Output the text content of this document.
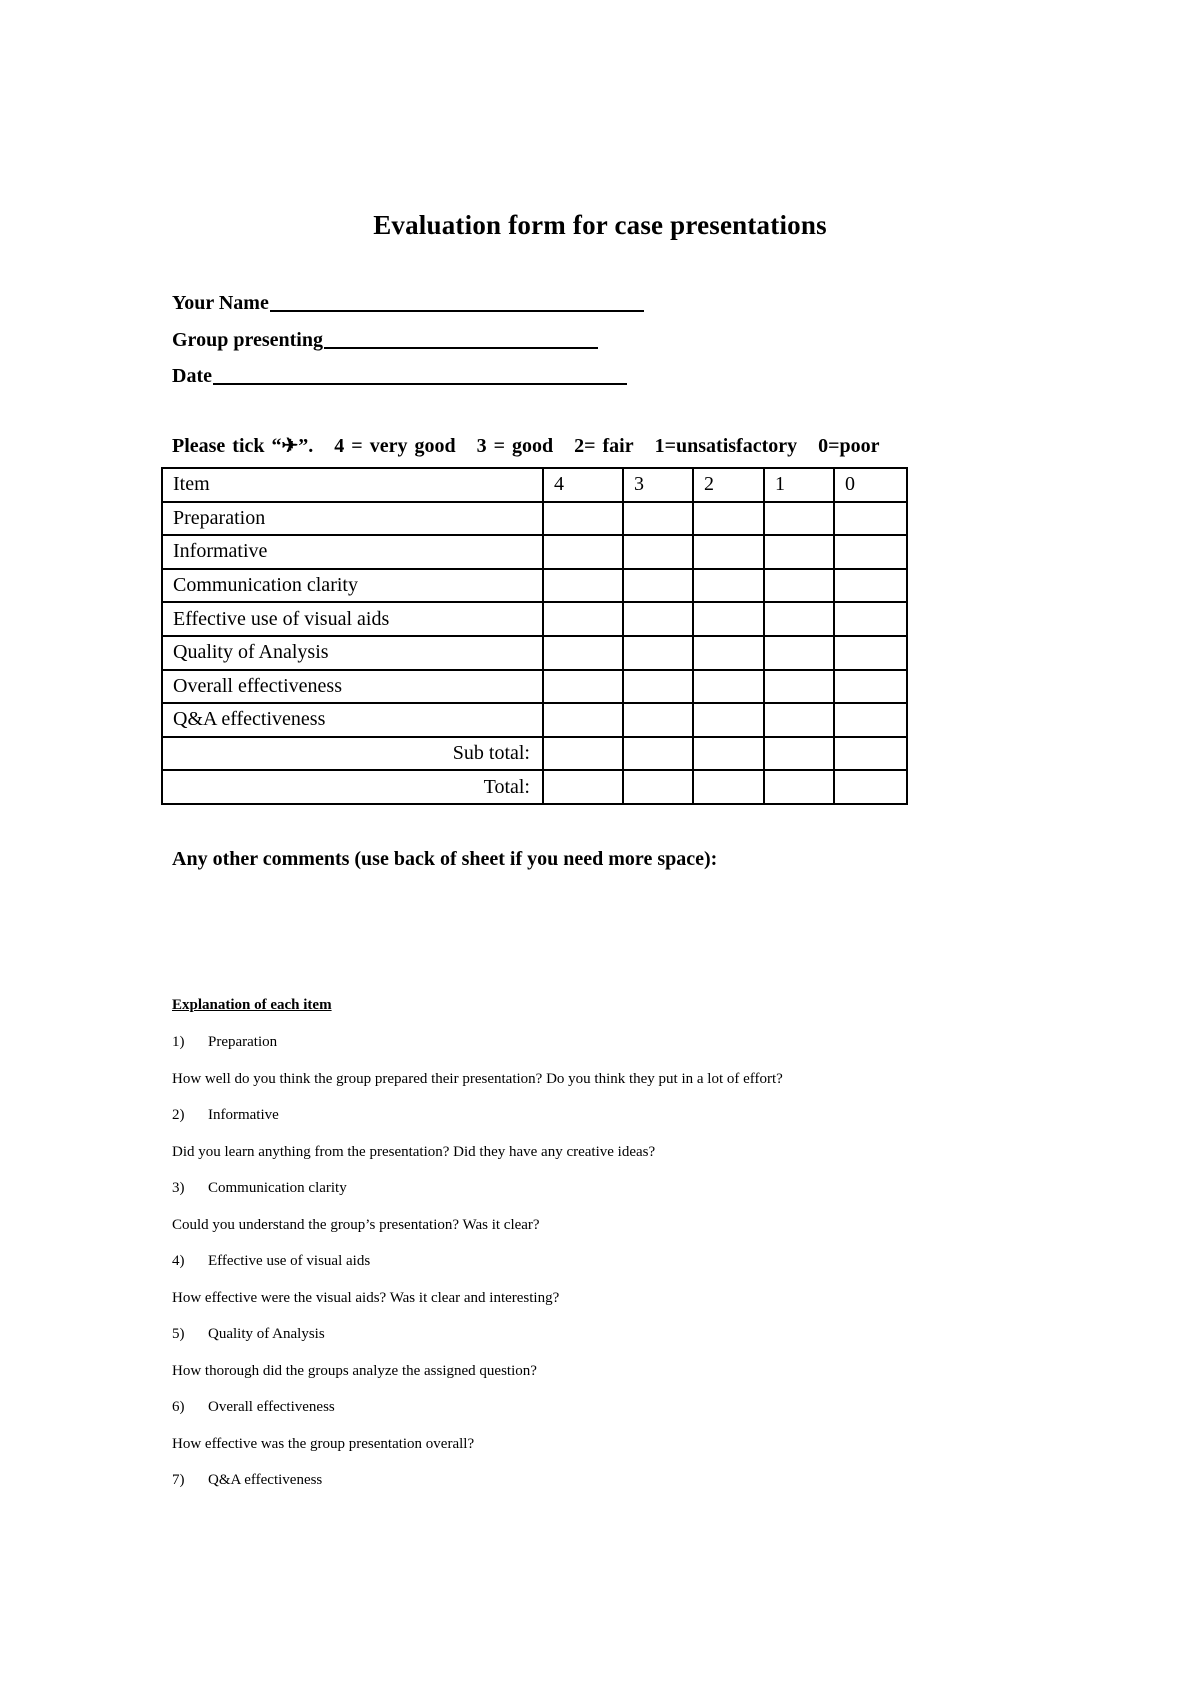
Evaluation form for case presentations
Your Name
Group presenting
Date
Please tick “✈”. 4 = very good 3 = good 2= fair 1=unsatisfactory 0=poor
Item	4	3	2	1	0
Preparation					
Informative					
Communication clarity					
Effective use of visual aids					
Quality of Analysis					
Overall effectiveness					
Q&A effectiveness					
Sub total:					
Total:					
Any other comments (use back of sheet if you need more space):
Explanation of each item
1) Preparation
How well do you think the group prepared their presentation? Do you think they put in a lot of effort?
2) Informative
Did you learn anything from the presentation? Did they have any creative ideas?
3) Communication clarity
Could you understand the group’s presentation? Was it clear?
4) Effective use of visual aids
How effective were the visual aids? Was it clear and interesting?
5) Quality of Analysis
How thorough did the groups analyze the assigned question?
6) Overall effectiveness
How effective was the group presentation overall?
7) Q&A effectiveness
